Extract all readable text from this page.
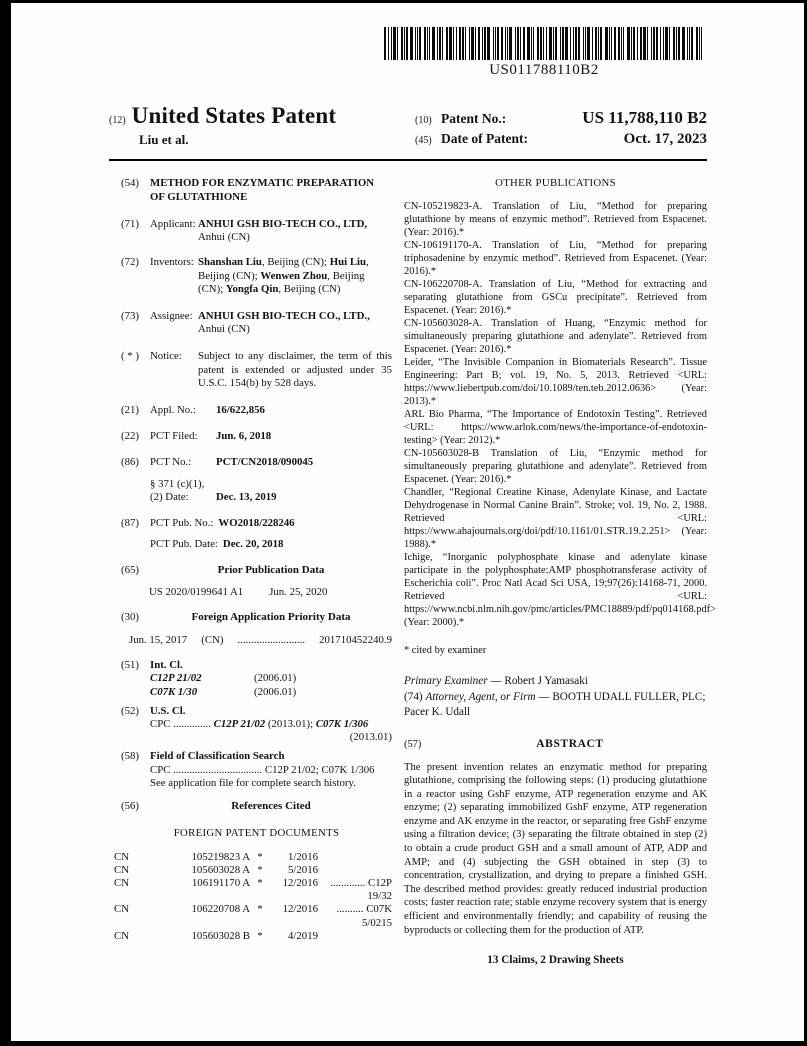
US011788110B2
(12) United States Patent
Liu et al.
(10) Patent No.:	US 11,788,110 B2
(45) Date of Patent:	Oct. 17, 2023
(54)	METHOD FOR ENZYMATIC PREPARATION OF GLUTATHIONE
(71)	Applicant: ANHUI GSH BIO-TECH CO., LTD,
Anhui (CN)
(72)	Inventors: Shanshan Liu, Beijing (CN); Hui Liu, Beijing (CN); Wenwen Zhou, Beijing (CN); Yongfa Qin, Beijing (CN)
(73)	Assignee: ANHUI GSH BIO-TECH CO., LTD.,
Anhui (CN)
( * )	Notice:	Subject to any disclaimer, the term of this patent is extended or adjusted under 35 U.S.C. 154(b) by 528 days.
(21)	Appl. No.:	16/622,856
(22)	PCT Filed:	Jun. 6, 2018
(86)	PCT No.:	PCT/CN2018/090045
§ 371 (c)(1),
(2) Date:	Dec. 13, 2019
(87)	PCT Pub. No.: WO2018/228246
PCT Pub. Date: Dec. 20, 2018
(65)	Prior Publication Data
US 2020/0199641 A1 Jun. 25, 2020
(30)	Foreign Application Priority Data
Jun. 15, 2017 (CN) ......................... 201710452240.9
(51)	Int. Cl.
C12P 21/02	(2006.01)
C07K 1/30	(2006.01)
(52)	U.S. Cl.
CPC .............. C12P 21/02 (2013.01); C07K 1/306
(2013.01)
(58)	Field of Classification Search
CPC ................................. C12P 21/02; C07K 1/306
See application file for complete search history.
(56)	References Cited
FOREIGN PATENT DOCUMENTS
CN	105219823 A *	1/2016
CN	105603028 A *	5/2016
CN	106191170 A *	12/2016	............. C12P 19/32
CN	106220708 A *	12/2016	.......... C07K 5/0215
CN	105603028 B *	4/2019
OTHER PUBLICATIONS
CN-105219823-A. Translation of Liu, “Method for preparing glutathione by means of enzymic method”. Retrieved from Espacenet. (Year: 2016).*
CN-106191170-A. Translation of Liu, “Method for preparing triphosadenine by enzymic method”. Retrieved from Espacenet. (Year: 2016).*
CN-106220708-A. Translation of Liu, “Method for extracting and separating glutathione from GSCu precipitate”. Retrieved from Espacenet. (Year: 2016).*
CN-105603028-A. Translation of Huang, “Enzymic method for simultaneously preparing glutathione and adenylate”. Retrieved from Espacenet. (Year: 2016).*
Leider, “The Invisible Companion in Biomaterials Research”. Tissue Engineering: Part B; vol. 19, No. 5, 2013. Retrieved <URL: https://www.liebertpub.com/doi/10.1089/ten.teb.2012.0636> (Year: 2013).*
ARL Bio Pharma, “The Importance of Endotoxin Testing”. Retrieved <URL: https://www.arlok.com/news/the-importance-of-endotoxin-testing> (Year: 2012).*
CN-105603028-B Translation of Liu, “Enzymic method for simultaneously preparing glutathione and adenylate”. Retrieved from Espacenet. (Year: 2016).*
Chandler, “Regional Creatine Kinase, Adenylate Kinase, and Lactate Dehydrogenase in Normal Canine Brain”. Stroke; vol. 19, No. 2, 1988. Retrieved <URL: https://www.ahajournals.org/doi/pdf/10.1161/01.STR.19.2.251> (Year: 1988).*
Ichige, “Inorganic polyphosphate kinase and adenylate kinase participate in the polyphosphate:AMP phosphotransferase activity of Escherichia coli”. Proc Natl Acad Sci USA, 19;97(26):14168-71, 2000. Retrieved <URL: https://www.ncbi.nlm.nih.gov/pmc/articles/PMC18889/pdf/pq014168.pdf> (Year: 2000).*
* cited by examiner
Primary Examiner — Robert J Yamasaki
(74) Attorney, Agent, or Firm — BOOTH UDALL FULLER, PLC; Pacer K. Udall
(57)	ABSTRACT
The present invention relates an enzymatic method for preparing glutathione, comprising the following steps: (1) producing glutathione in a reactor using GshF enzyme, ATP regeneration enzyme and AK enzyme; (2) separating immobilized GshF enzyme, ATP regeneration enzyme and AK enzyme in the reactor, or separating free GshF enzyme using a filtration device; (3) separating the filtrate obtained in step (2) to obtain a crude product GSH and a small amount of ATP, ADP and AMP; and (4) subjecting the GSH obtained in step (3) to concentration, crystallization, and drying to prepare a finished GSH. The described method provides: greatly reduced industrial production costs; faster reaction rate; stable enzyme recovery system that is energy efficient and environmentally friendly; and capability of reusing the byproducts or collecting them for the production of ATP.
13 Claims, 2 Drawing Sheets
